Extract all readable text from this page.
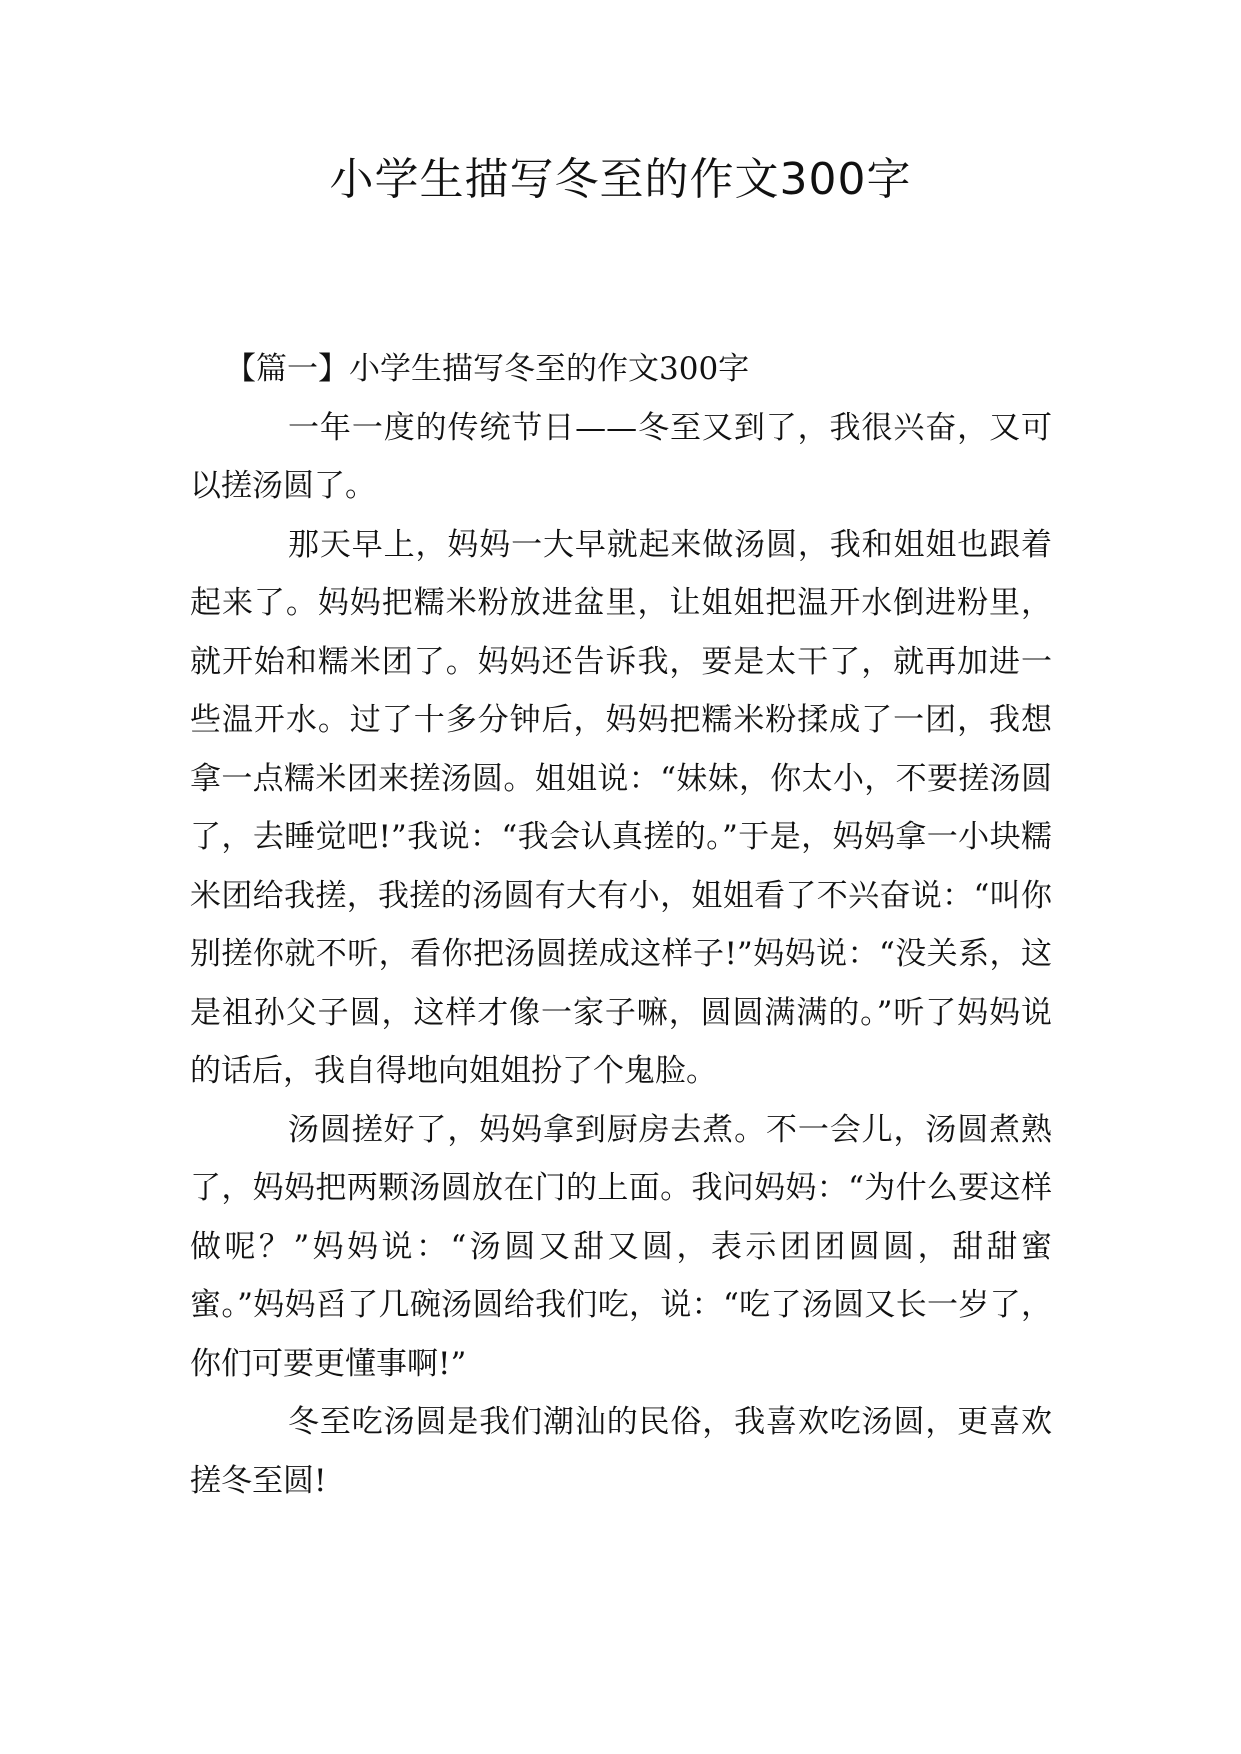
小学生描写冬至的作文300字

【篇一】小学生描写冬至的作文300字

一年一度的传统节日——冬至又到了，我很兴奋，又可以搓汤圆了。

那天早上，妈妈一大早就起来做汤圆，我和姐姐也跟着起来了。妈妈把糯米粉放进盆里，让姐姐把温开水倒进粉里，就开始和糯米团了。妈妈还告诉我，要是太干了，就再加进一些温开水。过了十多分钟后，妈妈把糯米粉揉成了一团，我想拿一点糯米团来搓汤圆。姐姐说：“妹妹，你太小，不要搓汤圆了，去睡觉吧!”我说：“我会认真搓的。”于是，妈妈拿一小块糯米团给我搓，我搓的汤圆有大有小，姐姐看了不兴奋说：“叫你别搓你就不听，看你把汤圆搓成这样子!”妈妈说：“没关系，这是祖孙父子圆，这样才像一家子嘛，圆圆满满的。”听了妈妈说的话后，我自得地向姐姐扮了个鬼脸。

汤圆搓好了，妈妈拿到厨房去煮。不一会儿，汤圆煮熟了，妈妈把两颗汤圆放在门的上面。我问妈妈：“为什么要这样做呢？”妈妈说：“汤圆又甜又圆，表示团团圆圆，甜甜蜜蜜。”妈妈舀了几碗汤圆给我们吃，说：“吃了汤圆又长一岁了，你们可要更懂事啊!”

冬至吃汤圆是我们潮汕的民俗，我喜欢吃汤圆，更喜欢搓冬至圆!
